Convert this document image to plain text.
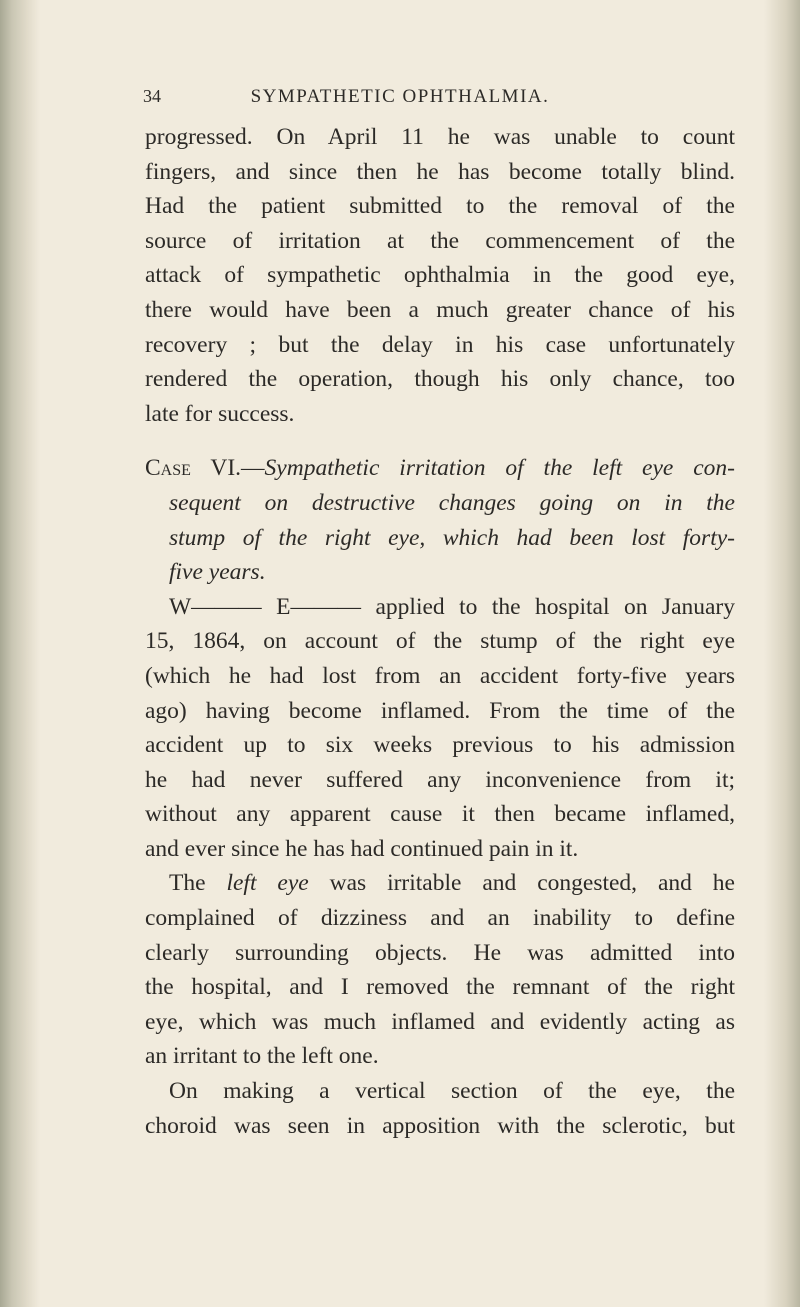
34	SYMPATHETIC OPHTHALMIA.
progressed. On April 11 he was unable to count
fingers, and since then he has become totally blind.
Had the patient submitted to the removal of the
source of irritation at the commencement of the
attack of sympathetic ophthalmia in the good eye,
there would have been a much greater chance of his
recovery ; but the delay in his case unfortunately
rendered the operation, though his only chance, too
late for success.
Case VI.—Sympathetic irritation of the left eye con-
sequent on destructive changes going on in the
stump of the right eye, which had been lost forty-
five years.
W——— E——— applied to the hospital on January
15, 1864, on account of the stump of the right eye
(which he had lost from an accident forty-five years
ago) having become inflamed. From the time of the
accident up to six weeks previous to his admission
he had never suffered any inconvenience from it;
without any apparent cause it then became inflamed,
and ever since he has had continued pain in it.
The left eye was irritable and congested, and he
complained of dizziness and an inability to define
clearly surrounding objects. He was admitted into
the hospital, and I removed the remnant of the right
eye, which was much inflamed and evidently acting as
an irritant to the left one.
On making a vertical section of the eye, the
choroid was seen in apposition with the sclerotic, but
